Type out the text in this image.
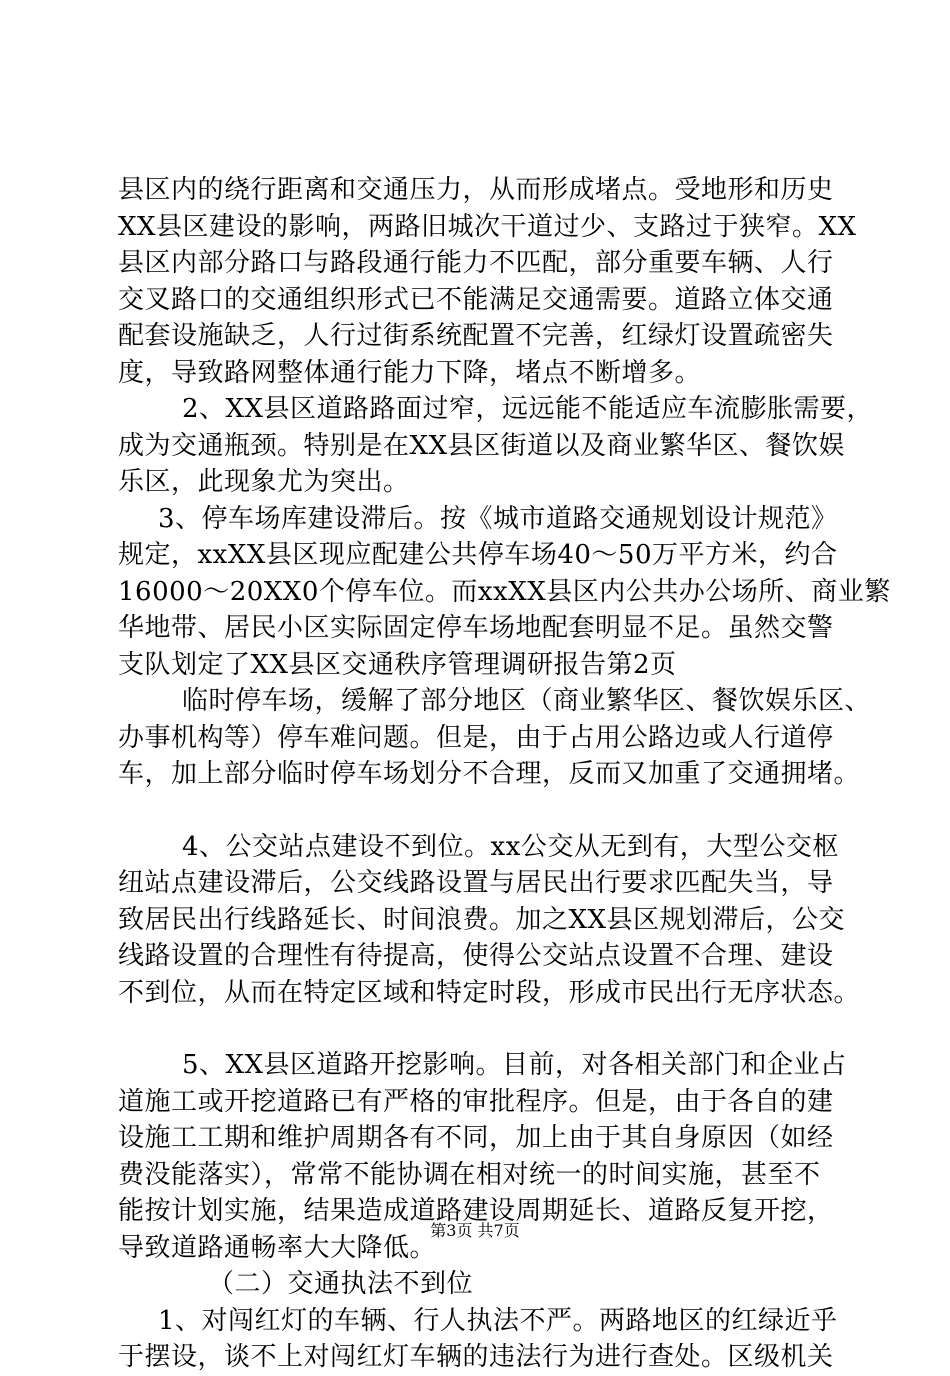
县区内的绕行距离和交通压力，从而形成堵点。受地形和历史
XX县区建设的影响，两路旧城次干道过少、支路过于狭窄。XX
县区内部分路口与路段通行能力不匹配，部分重要车辆、人行
交叉路口的交通组织形式已不能满足交通需要。道路立体交通
配套设施缺乏，人行过街系统配置不完善，红绿灯设置疏密失
度，导致路网整体通行能力下降，堵点不断增多。
2、XX县区道路路面过窄，远远能不能适应车流膨胀需要，
成为交通瓶颈。特别是在XX县区街道以及商业繁华区、餐饮娱
乐区，此现象尤为突出。
3、停车场库建设滞后。按《城市道路交通规划设计规范》
规定，xxXX县区现应配建公共停车场40～50万平方米，约合
16000～20XX0个停车位。而xxXX县区内公共办公场所、商业繁
华地带、居民小区实际固定停车场地配套明显不足。虽然交警
支队划定了XX县区交通秩序管理调研报告第2页
临时停车场，缓解了部分地区（商业繁华区、餐饮娱乐区、
办事机构等）停车难问题。但是，由于占用公路边或人行道停
车，加上部分临时停车场划分不合理，反而又加重了交通拥堵。
4、公交站点建设不到位。xx公交从无到有，大型公交枢
纽站点建设滞后，公交线路设置与居民出行要求匹配失当，导
致居民出行线路延长、时间浪费。加之XX县区规划滞后，公交
线路设置的合理性有待提高，使得公交站点设置不合理、建设
不到位，从而在特定区域和特定时段，形成市民出行无序状态。
5、XX县区道路开挖影响。目前，对各相关部门和企业占
道施工或开挖道路已有严格的审批程序。但是，由于各自的建
设施工工期和维护周期各有不同，加上由于其自身原因（如经
费没能落实），常常不能协调在相对统一的时间实施，甚至不
能按计划实施，结果造成道路建设周期延长、道路反复开挖，
导致道路通畅率大大降低。
（二）交通执法不到位
1、对闯红灯的车辆、行人执法不严。两路地区的红绿近乎
于摆设，谈不上对闯红灯车辆的违法行为进行查处。区级机关
第3页 共7页
